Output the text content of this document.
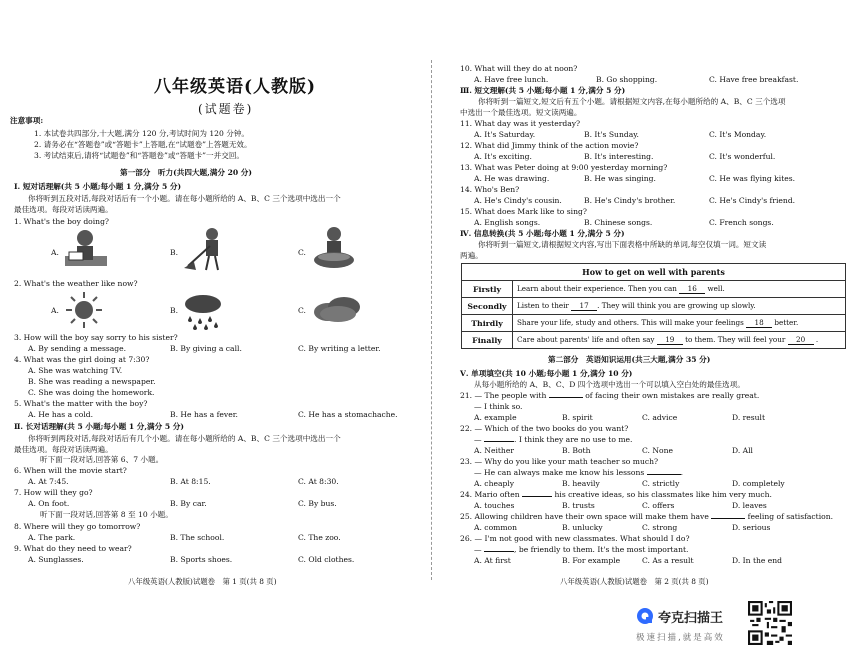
八年级英语(人教版)
(试题卷)
注意事项:
1. 本试卷共四部分,十大题,满分 120 分,考试时间为 120 分钟。
2. 请务必在“答题卷”或“答题卡”上答题,在“试题卷”上答题无效。
3. 考试结束后,请将“试题卷”和“答题卷”或“答题卡”一并交回。
第一部分　听力(共四大题,满分 20 分)
Ⅰ. 短对话理解(共 5 小题;每小题 1 分,满分 5 分)
你将听到五段对话,每段对话后有一个小题。请在每小题所给的 A、B、C 三个选项中选出一个
最佳选项。每段对话读两遍。
1. What's the boy doing?
A.	B.	C.
2. What's the weather like now?
A.	B.	C.
3. How will the boy say sorry to his sister?
A. By sending a message.	B. By giving a call.	C. By writing a letter.
4. What was the girl doing at 7:30?
A. She was watching TV.
B. She was reading a newspaper.
C. She was doing the homework.
5. What's the matter with the boy?
A. He has a cold.	B. He has a fever.	C. He has a stomachache.
Ⅱ. 长对话理解(共 5 小题;每小题 1 分,满分 5 分)
你将听到两段对话,每段对话后有几个小题。请在每小题所给的 A、B、C 三个选项中选出一个
最佳选项。每段对话读两遍。
听下面一段对话,回答第 6、7 小题。
6. When will the movie start?
A. At 7:45.	B. At 8:15.	C. At 8:30.
7. How will they go?
A. On foot.	B. By car.	C. By bus.
听下面一段对话,回答第 8 至 10 小题。
8. Where will they go tomorrow?
A. The park.	B. The school.	C. The zoo.
9. What do they need to wear?
A. Sunglasses.	B. Sports shoes.	C. Old clothes.
八年级英语(人教版)试题卷　第 1 页(共 8 页)
10. What will they do at noon?
A. Have free lunch.	B. Go shopping.	C. Have free breakfast.
Ⅲ. 短文理解(共 5 小题;每小题 1 分,满分 5 分)
你将听到一篇短文,短文后有五个小题。请根据短文内容,在每小题所给的 A、B、C 三个选项
中选出一个最佳选项。短文读两遍。
11. What day was it yesterday?
A. It's Saturday.	B. It's Sunday.	C. It's Monday.
12. What did Jimmy think of the action movie?
A. It's exciting.	B. It's interesting.	C. It's wonderful.
13. What was Peter doing at 9:00 yesterday morning?
A. He was drawing.	B. He was singing.	C. He was flying kites.
14. Who's Ben?
A. He's Cindy's cousin.	B. He's Cindy's brother.	C. He's Cindy's friend.
15. What does Mark like to sing?
A. English songs.	B. Chinese songs.	C. French songs.
Ⅳ. 信息转换(共 5 小题;每小题 1 分,满分 5 分)
你将听到一篇短文,请根据短文内容,写出下面表格中所缺的单词,每空仅填一词。短文读
两遍。
How to get on well with parents	
Firstly	Learn about their experience. Then you can 16 well.
Secondly	Listen to their 17 . They will think you are growing up slowly.
Thirdly	Share your life, study and others. This will make your feelings 18 better.
Finally	Care about parents' life and often say 19 to them. They will feel your 20 .
第二部分　英语知识运用(共三大题,满分 35 分)
Ⅴ. 单项填空(共 10 小题;每小题 1 分,满分 10 分)
从每小题所给的 A、B、C、D 四个选项中选出一个可以填入空白处的最佳选项。
21. — The people with	of facing their own mistakes are really great.
— I think so.
A. example	B. spirit	C. advice	D. result
22. — Which of the two books do you want?
—	. I think they are no use to me.
A. Neither	B. Both	C. None	D. All
23. — Why do you like your math teacher so much?
— He can always make me know his lessons	.
A. cheaply	B. heavily	C. strictly	D. completely
24. Mario often	his creative ideas, so his classmates like him very much.
A. touches	B. trusts	C. offers	D. leaves
25. Allowing children have their own space will make them have	feeling of satisfaction.
A. common	B. unlucky	C. strong	D. serious
26. — I'm not good with new classmates. What should I do?
—	, be friendly to them. It's the most important.
A. At first	B. For example	C. As a result	D. In the end
八年级英语(人教版)试题卷　第 2 页(共 8 页)
夸克扫描王
极速扫描,就是高效
